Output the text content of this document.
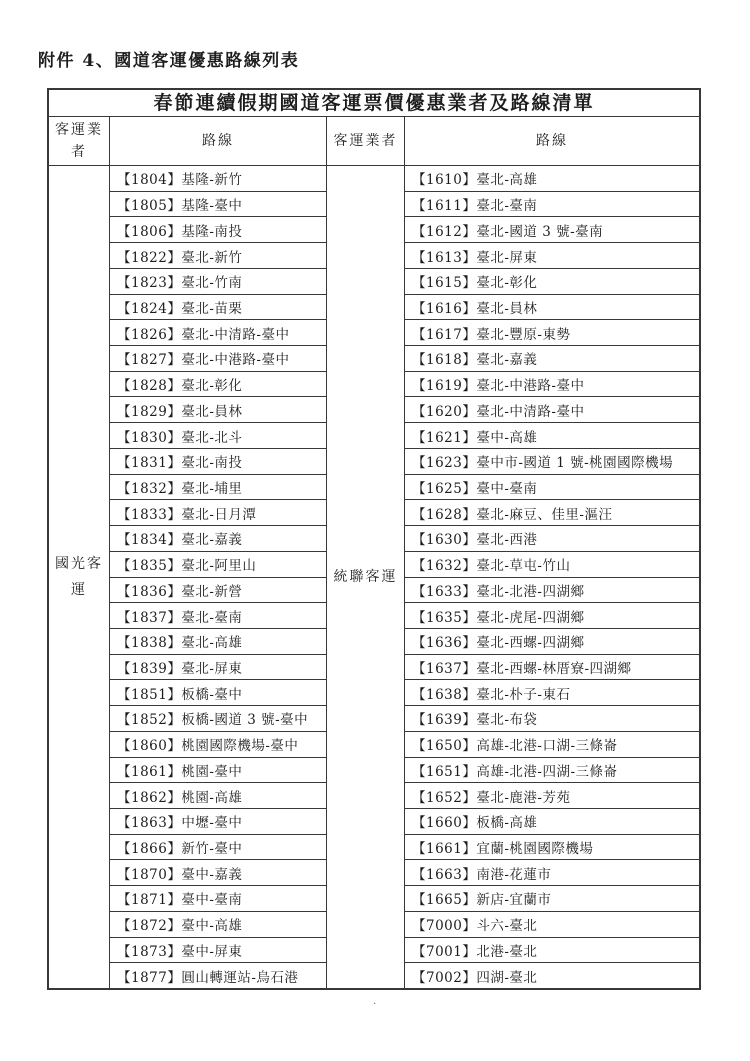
附件 4、國道客運優惠路線列表
春節連續假期國道客運票價優惠業者及路線清單
客運業者
路線	客運業者	路線
國光客運
【1804】基隆-新竹
【1805】基隆-臺中
【1806】基隆-南投
【1822】臺北-新竹
【1823】臺北-竹南
【1824】臺北-苗栗
【1826】臺北-中清路-臺中
【1827】臺北-中港路-臺中
【1828】臺北-彰化
【1829】臺北-員林
【1830】臺北-北斗
【1831】臺北-南投
【1832】臺北-埔里
【1833】臺北-日月潭
【1834】臺北-嘉義
【1835】臺北-阿里山
【1836】臺北-新營
【1837】臺北-臺南
【1838】臺北-高雄
【1839】臺北-屏東
【1851】板橋-臺中
【1852】板橋-國道 3 號-臺中
【1860】桃園國際機場-臺中
【1861】桃園-臺中
【1862】桃園-高雄
【1863】中壢-臺中
【1866】新竹-臺中
【1870】臺中-嘉義
【1871】臺中-臺南
【1872】臺中-高雄
【1873】臺中-屏東
【1877】圓山轉運站-烏石港
統聯客運
【1610】臺北-高雄
【1611】臺北-臺南
【1612】臺北-國道 3 號-臺南
【1613】臺北-屏東
【1615】臺北-彰化
【1616】臺北-員林
【1617】臺北-豐原-東勢
【1618】臺北-嘉義
【1619】臺北-中港路-臺中
【1620】臺北-中清路-臺中
【1621】臺中-高雄
【1623】臺中市-國道 1 號-桃園國際機場
【1625】臺中-臺南
【1628】臺北-麻豆、佳里-漚汪
【1630】臺北-西港
【1632】臺北-草屯-竹山
【1633】臺北-北港-四湖鄉
【1635】臺北-虎尾-四湖鄉
【1636】臺北-西螺-四湖鄉
【1637】臺北-西螺-林厝寮-四湖鄉
【1638】臺北-朴子-東石
【1639】臺北-布袋
【1650】高雄-北港-口湖-三條崙
【1651】高雄-北港-四湖-三條崙
【1652】臺北-鹿港-芳苑
【1660】板橋-高雄
【1661】宜蘭-桃園國際機場
【1663】南港-花蓮市
【1665】新店-宜蘭市
【7000】斗六-臺北
【7001】北港-臺北
【7002】四湖-臺北
.
